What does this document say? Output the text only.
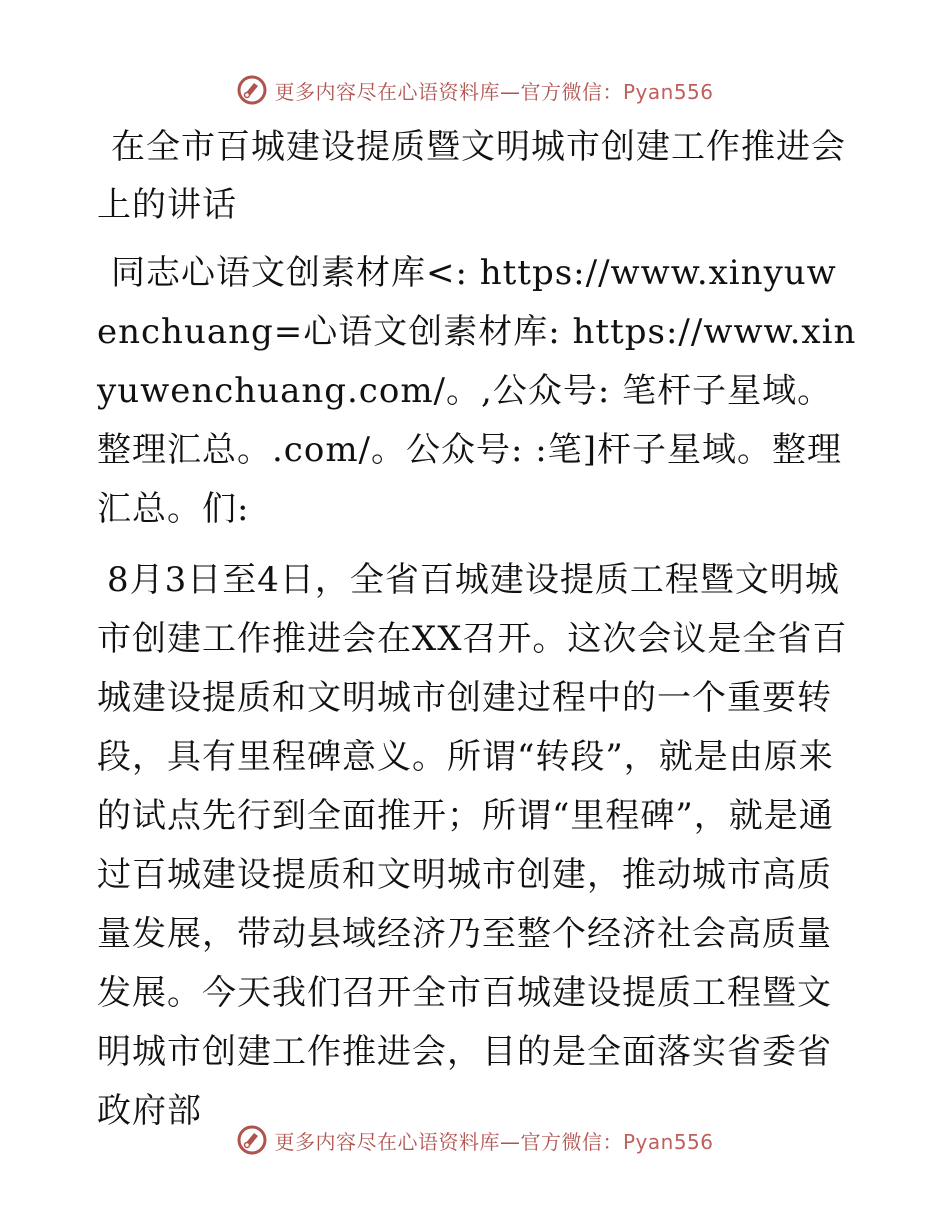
更多内容尽在心语资料库—官方微信：Pyan556

在全市百城建设提质暨文明城市创建工作推进会上的讲话

同志心语文创素材库<: https://www.xinyuwenchuang=心语文创素材库: https://www.xinyuwenchuang.com/。,公众号: 笔杆子星域。整理汇总。.com/。公众号: :笔]杆子星域。整理汇总。们:

8月3日至4日，全省百城建设提质工程暨文明城市创建工作推进会在XX召开。这次会议是全省百城建设提质和文明城市创建过程中的一个重要转段，具有里程碑意义。所谓“转段”，就是由原来的试点先行到全面推开；所谓“里程碑”，就是通过百城建设提质和文明城市创建，推动城市高质量发展，带动县域经济乃至整个经济社会高质量发展。今天我们召开全市百城建设提质工程暨文明城市创建工作推进会，目的是全面落实省委省政府部

更多内容尽在心语资料库—官方微信：Pyan556
